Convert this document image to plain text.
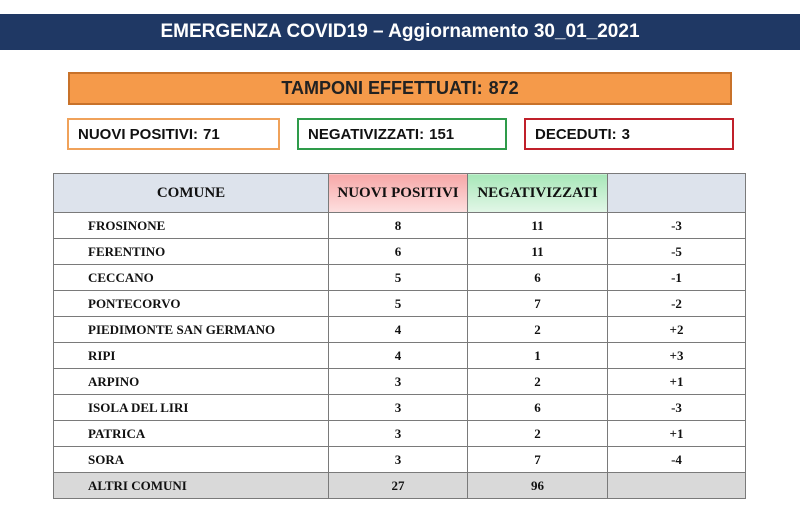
EMERGENZA COVID19 – Aggiornamento 30_01_2021
TAMPONI EFFETTUATI: 872
NUOVI POSITIVI: 71	NEGATIVIZZATI: 151	DECEDUTI: 3
COMUNE	NUOVI POSITIVI	NEGATIVIZZATI	
FROSINONE	8	11	-3
FERENTINO	6	11	-5
CECCANO	5	6	-1
PONTECORVO	5	7	-2
PIEDIMONTE SAN GERMANO	4	2	+2
RIPI	4	1	+3
ARPINO	3	2	+1
ISOLA DEL LIRI	3	6	-3
PATRICA	3	2	+1
SORA	3	7	-4
ALTRI COMUNI	27	96	
